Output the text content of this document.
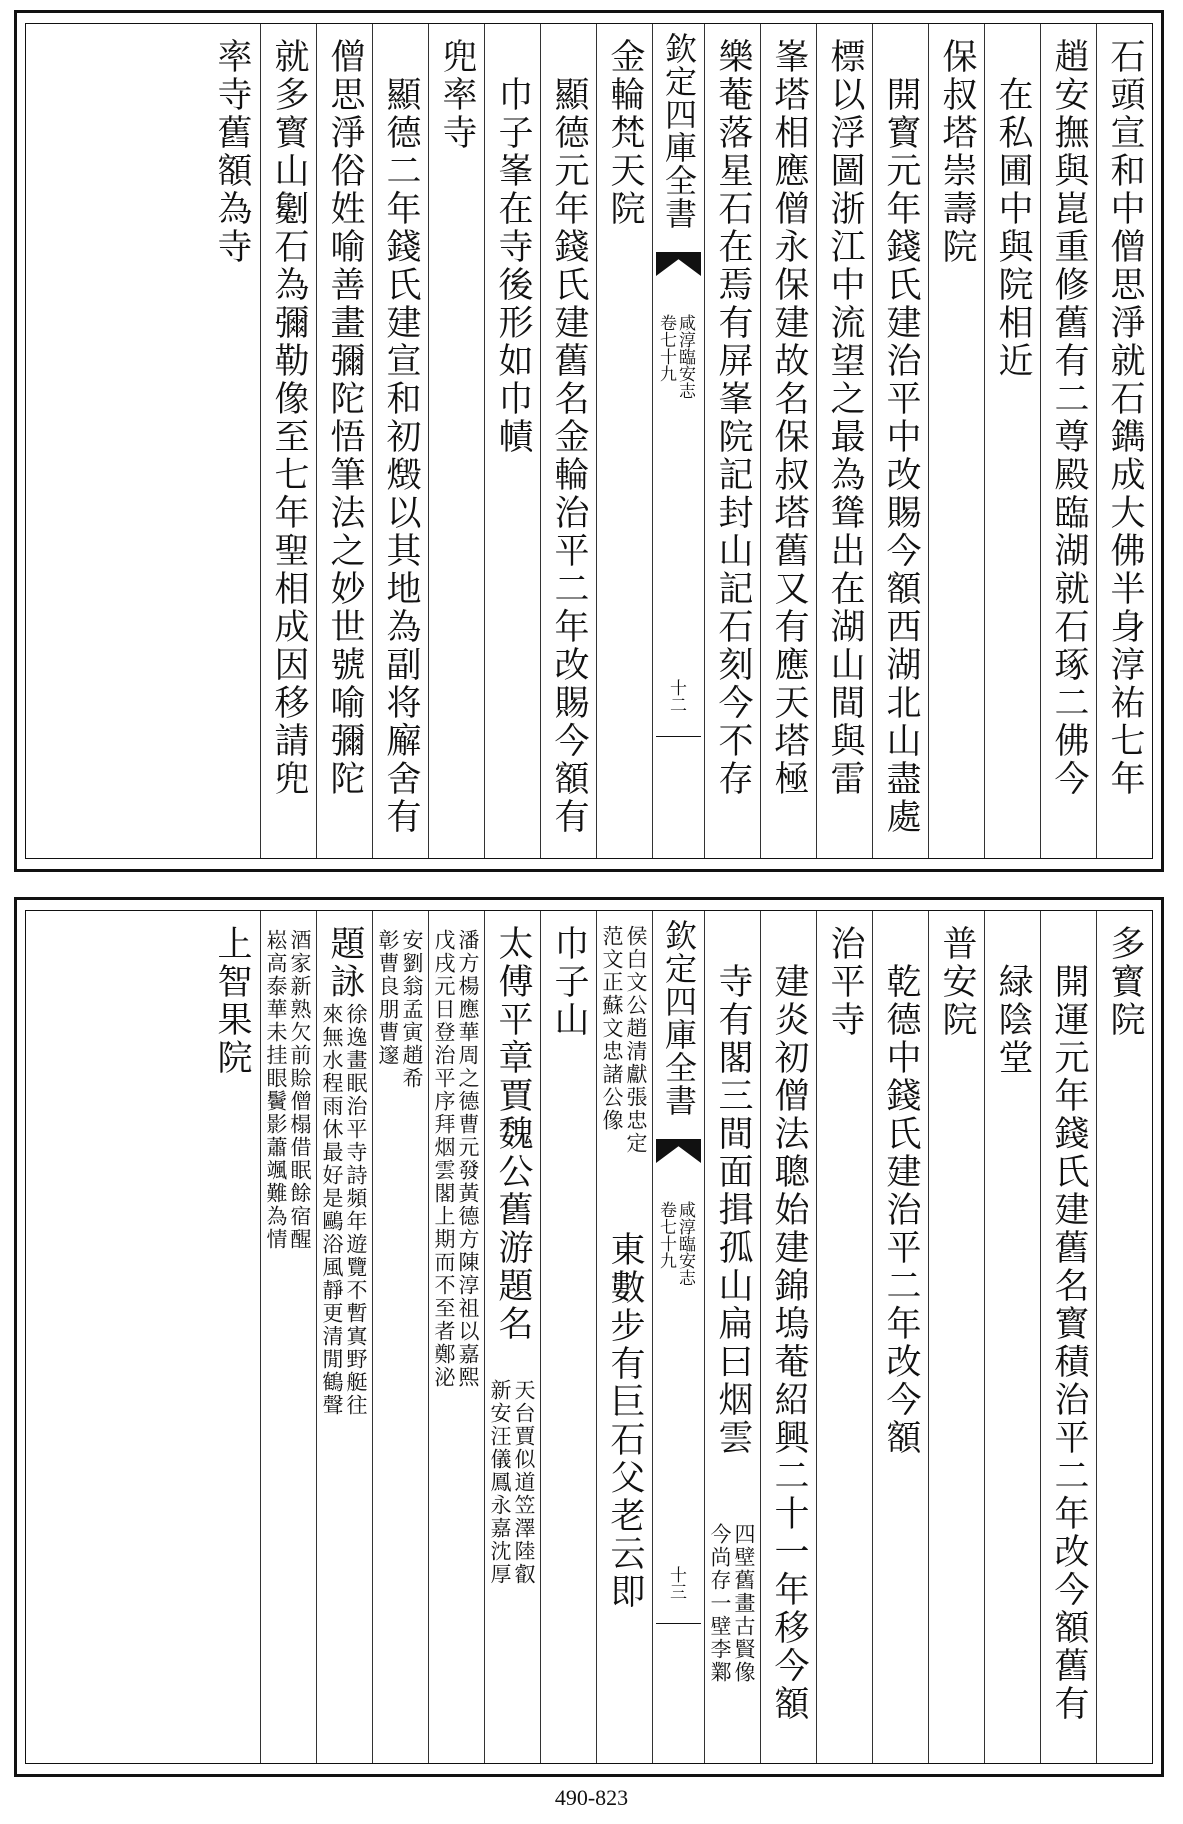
石頭宣和中僧思淨就石鐫成大佛半身淳祐七年
趙安撫與崑重修舊有二尊殿臨湖就石琢二佛今
在私圃中與院相近
保叔塔崇壽院
開寳元年錢氏建治平中改賜今額西湖北山盡處
標以浮圖浙江中流望之最為聳出在湖山間與雷
峯塔相應僧永保建故名保叔塔舊又有應天塔極
樂菴落星石在焉有屏峯院記封山記石刻今不存
欽定四庫全書
咸淳臨安志
卷七十九
十二
金輪梵天院
顯德元年錢氏建舊名金輪治平二年改賜今額有
巾子峯在寺後形如巾幘
兜率寺
顯德二年錢氏建宣和初燬以其地為副将廨舍有
僧思淨俗姓喻善畫彌陀悟筆法之妙世號喻彌陀
就多寳山劖石為彌勒像至七年聖相成因移請兜
率寺舊額為寺
多寳院
開運元年錢氏建舊名寳積治平二年改今額舊有
緑陰堂
普安院
乾德中錢氏建治平二年改今額
治平寺
建炎初僧法聰始建錦塢菴紹興二十一年移今額
寺有閣三間面揖孤山扁曰烟雲
四壁舊畫古賢像
今尚存一壁李鄴
欽定四庫全書
咸淳臨安志
卷七十九
十三
侯白文公趙清獻張忠定
范文正蘇文忠諸公像
東數步有巨石父老云即
巾子山
太傅平章賈魏公舊游題名
天台賈似道笠澤陸叡
新安汪儀鳳永嘉沈厚
潘方楊應華周之德曹元發黃德方陳淳祖以嘉熙
戊戌元日登治平序拜烟雲閣上期而不至者鄭泌
安劉翁孟寅趙希
彰曹良朋曹邃
題詠
徐逸畫眠治平寺詩頻年遊覽不暫寘野艇往
來無水程雨休最好是鷗浴風靜更清閒鶴聲
酒家新熟欠前賒僧榻借眠餘宿醒
崧高泰華未挂眼鬢影蕭颯難為情
上智果院
490-823
